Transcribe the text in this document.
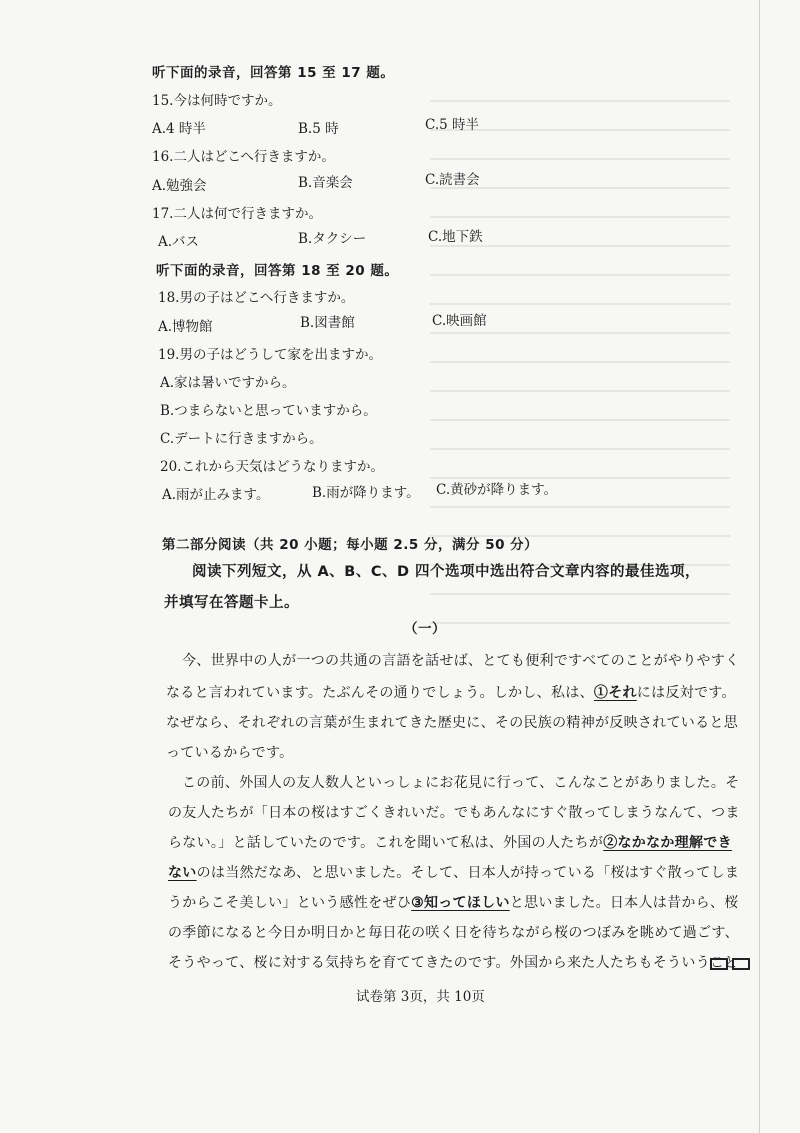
听下面的录音，回答第 15 至 17 题。
15.今は何時ですか。
A.4 時半	B.5 時	C.5 時半
16.二人はどこへ行きますか。
A.勉強会	B.音楽会	C.読書会
17.二人は何で行きますか。
A.バス	B.タクシー	C.地下鉄
听下面的录音，回答第 18 至 20 题。
18.男の子はどこへ行きますか。
A.博物館	B.図書館	C.映画館
19.男の子はどうして家を出ますか。
A.家は暑いですから。
B.つまらないと思っていますから。
C.デートに行きますから。
20.これから天気はどうなりますか。
A.雨が止みます。	B.雨が降ります。 C.黄砂が降ります。
第二部分阅读（共 20 小题；每小题 2.5 分，满分 50 分）
阅读下列短文，从 A、B、C、D 四个选项中选出符合文章内容的最佳选项，
并填写在答题卡上。
（一）
今、世界中の人が一つの共通の言語を話せば、とても便利ですべてのことがやりやすく
なると言われています。たぶんその通りでしょう。しかし、私は、①それには反対です。
なぜなら、それぞれの言葉が生まれてきた歴史に、その民族の精神が反映されていると思
っているからです。
この前、外国人の友人数人といっしょにお花見に行って、こんなことがありました。そ
の友人たちが「日本の桜はすごくきれいだ。でもあんなにすぐ散ってしまうなんて、つま
らない。」と話していたのです。これを聞いて私は、外国の人たちが②なかなか理解でき
ないのは当然だなあ、と思いました。そして、日本人が持っている「桜はすぐ散ってしま
うからこそ美しい」という感性をぜひ③知ってほしいと思いました。日本人は昔から、桜
の季節になると今日か明日かと毎日花の咲く日を待ちながら桜のつぼみを眺めて過ごす、
そうやって、桜に対する気持ちを育ててきたのです。外国から来た人たちもそういうこと
试卷第 3页，共 10页
